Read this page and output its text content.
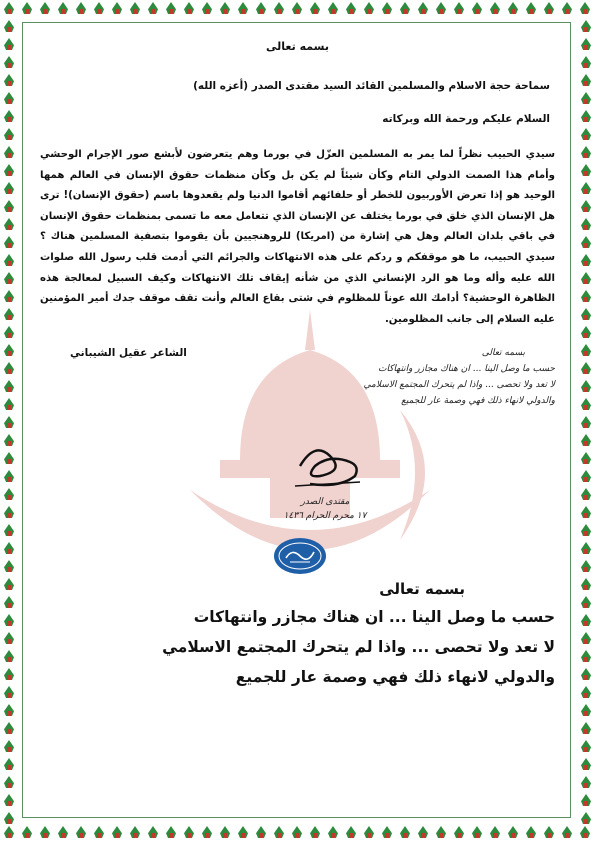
بسمه تعالى
سماحة حجة الاسلام والمسلمين القائد السيد مقتدى الصدر (أعزه الله)
السلام عليكم ورحمة الله وبركاته

سيدي الحبيب نظراً لما يمر به المسلمين العزّل في بورما وهم يتعرضون لأبشع صور الإجرام الوحشي وأمام هذا الصمت الدولي التام وكأن شيئاً لم يكن بل وكأن منظمات حقوق الإنسان في العالم همها الوحيد هو إذا تعرض الأوربيون للخطر أو حلفائهم أقاموا الدنيا ولم يقعدوها باسم (حقوق الإنسان)! ترى هل الإنسان الذي خلق في بورما يختلف عن الإنسان الذي تتعامل معه ما تسمى بمنظمات حقوق الإنسان في باقي بلدان العالم وهل هي إشارة من (امريكا) للروهنجيين بأن يقوموا بتصفية المسلمين هناك ؟ سيدي الحبيب، ما هو موقفكم و ردكم على هذه الانتهاكات والجرائم التي أدمت قلب رسول الله صلوات الله عليه وأله وما هو الرد الإنساني الذي من شأنه إيقاف تلك الانتهاكات وكيف السبيل لمعالجة هذه الظاهرة الوحشية؟ أدامك الله عوناً للمظلوم في شتى بقاع العالم وأنت تقف موقف جدك أمير المؤمنين عليه السلام إلى جانب المظلومين.

الشاعر عقيل الشيباني	بسمه تعالى
حسب ما وصل الينا ... ان هناك مجازر وانتهاكات
لا تعد ولا تحصى ... واذا لم يتحرك المجتمع الاسلامي
والدولي لانهاء ذلك فهي وصمة عار للجميع
مقتدى الصدر
١٧ محرم الحرام ١٤٣٦
بسمه تعالى
حسب ما وصل الينا ... ان هناك مجازر وانتهاكات
لا تعد ولا تحصى ... واذا لم يتحرك المجتمع الاسلامي
والدولي لانهاء ذلك فهي وصمة عار للجميع
